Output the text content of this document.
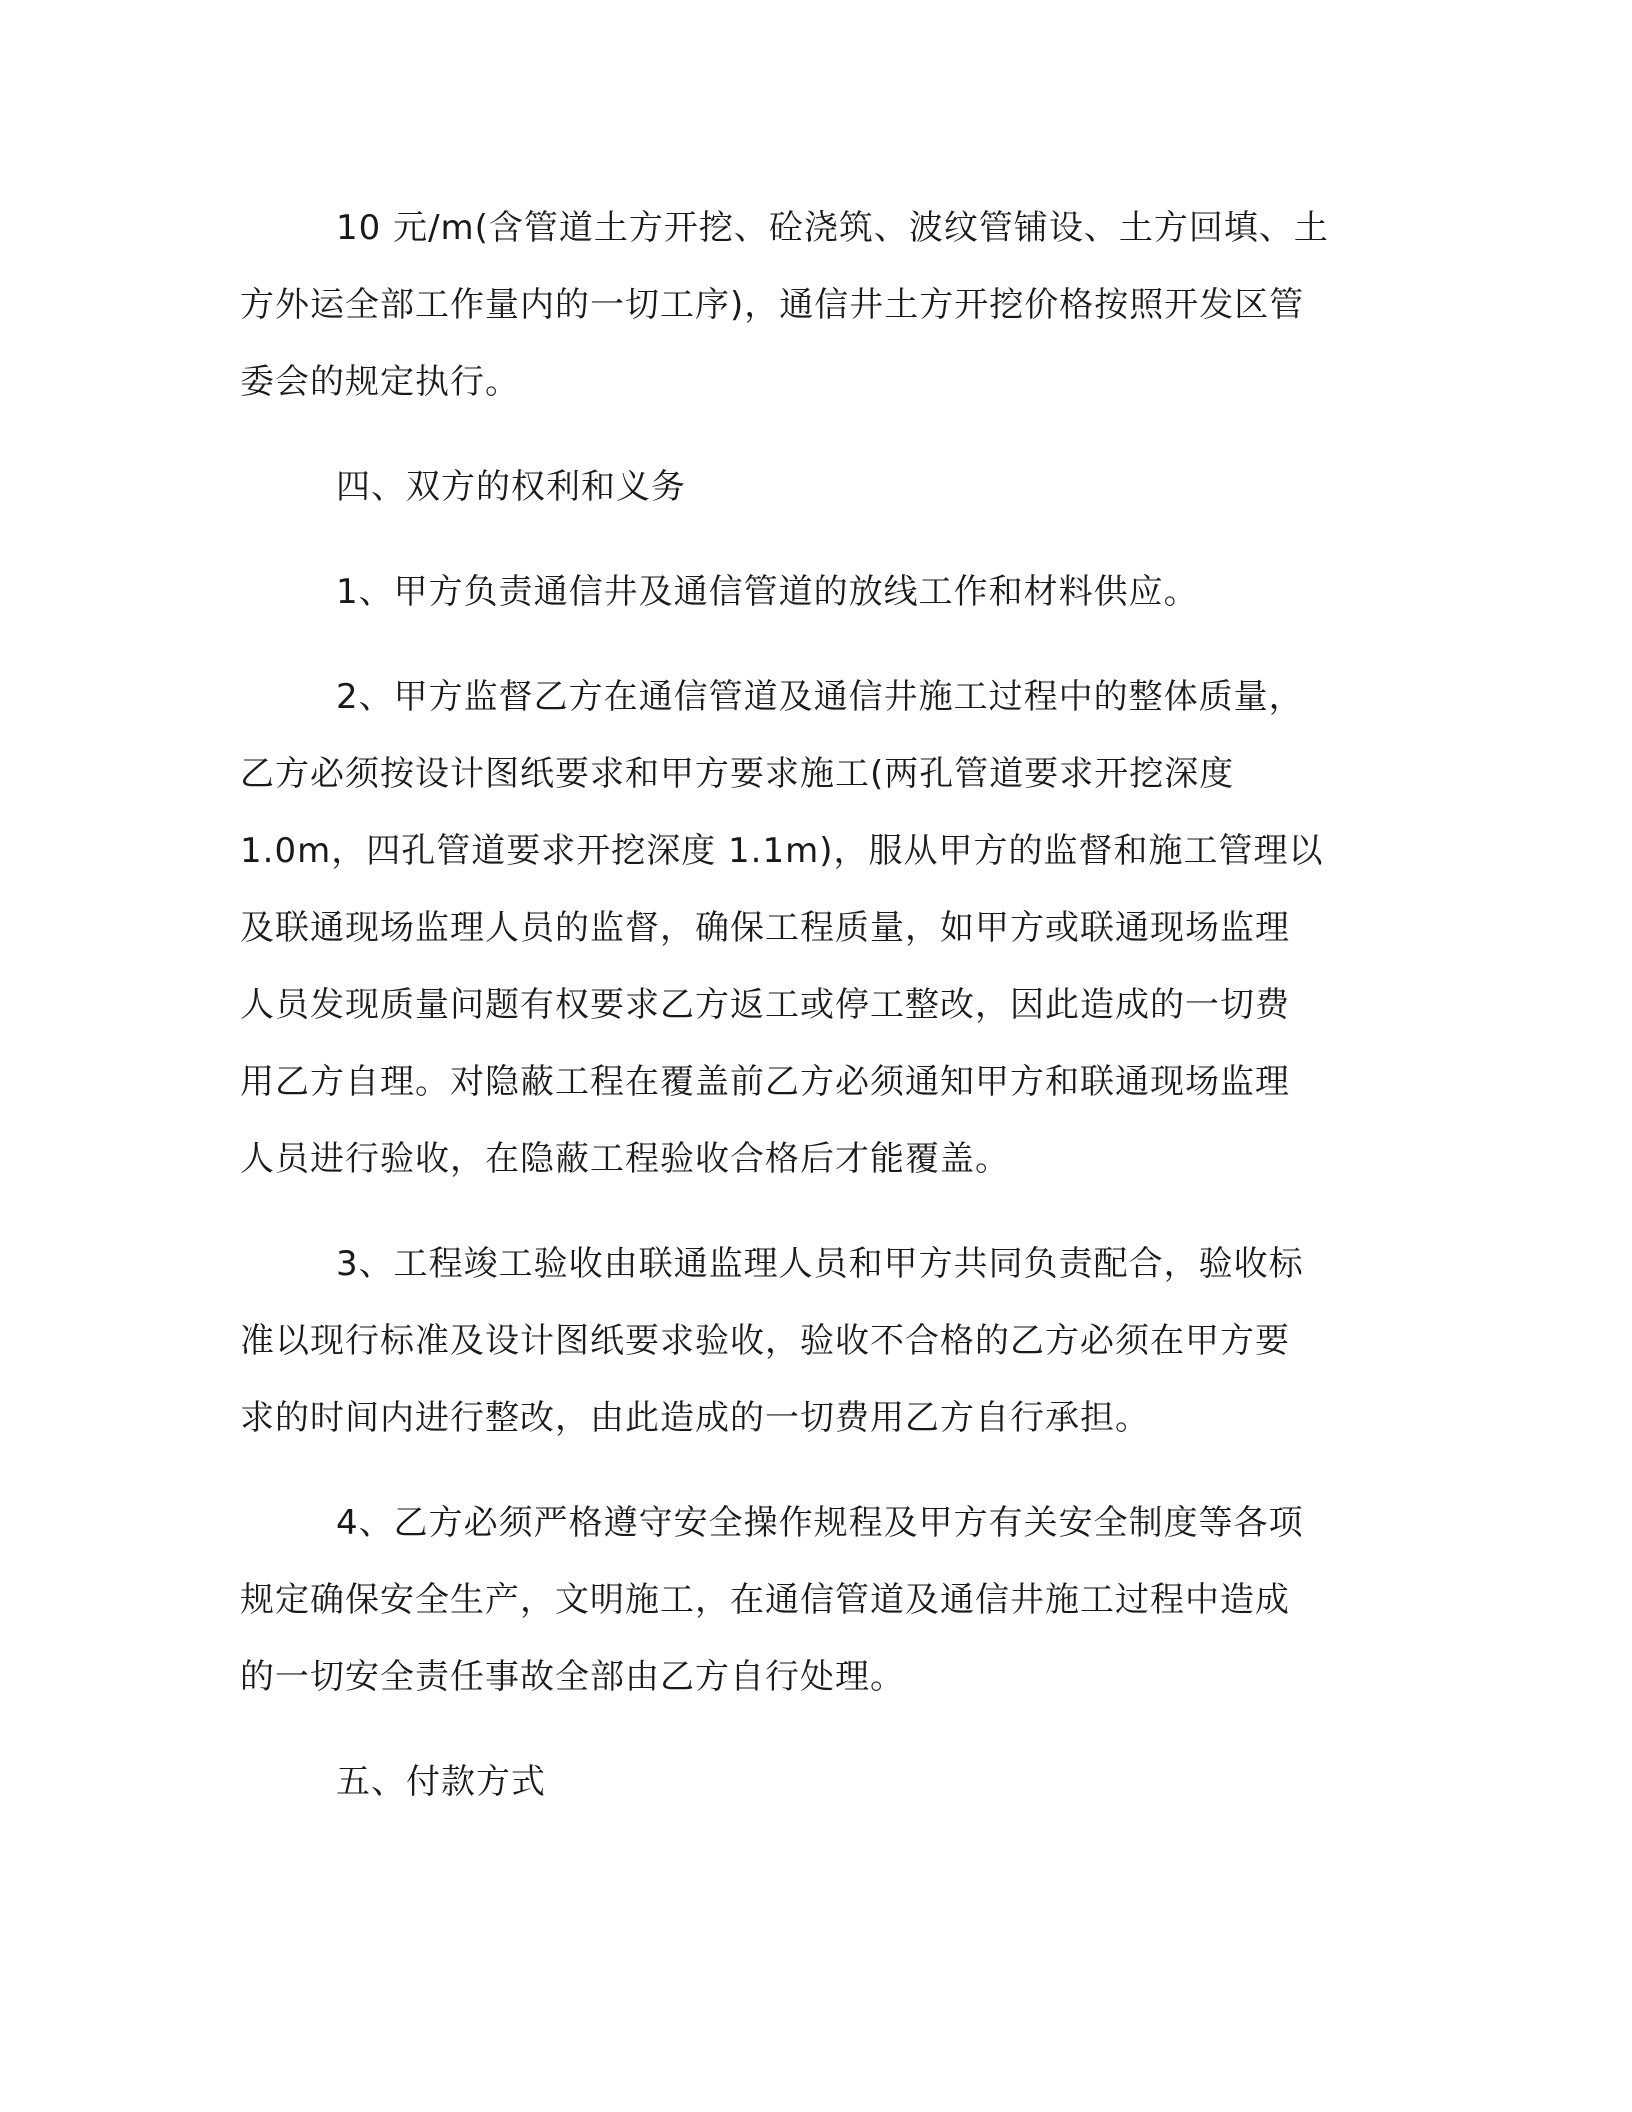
10 元/m(含管道土方开挖、砼浇筑、波纹管铺设、土方回填、土
方外运全部工作量内的一切工序)，通信井土方开挖价格按照开发区管
委会的规定执行。

四、双方的权利和义务

1、甲方负责通信井及通信管道的放线工作和材料供应。

2、甲方监督乙方在通信管道及通信井施工过程中的整体质量，
乙方必须按设计图纸要求和甲方要求施工(两孔管道要求开挖深度
1.0m，四孔管道要求开挖深度 1.1m)，服从甲方的监督和施工管理以
及联通现场监理人员的监督，确保工程质量，如甲方或联通现场监理
人员发现质量问题有权要求乙方返工或停工整改，因此造成的一切费
用乙方自理。对隐蔽工程在覆盖前乙方必须通知甲方和联通现场监理
人员进行验收，在隐蔽工程验收合格后才能覆盖。

3、工程竣工验收由联通监理人员和甲方共同负责配合，验收标
准以现行标准及设计图纸要求验收，验收不合格的乙方必须在甲方要
求的时间内进行整改，由此造成的一切费用乙方自行承担。

4、乙方必须严格遵守安全操作规程及甲方有关安全制度等各项
规定确保安全生产，文明施工，在通信管道及通信井施工过程中造成
的一切安全责任事故全部由乙方自行处理。

五、付款方式
